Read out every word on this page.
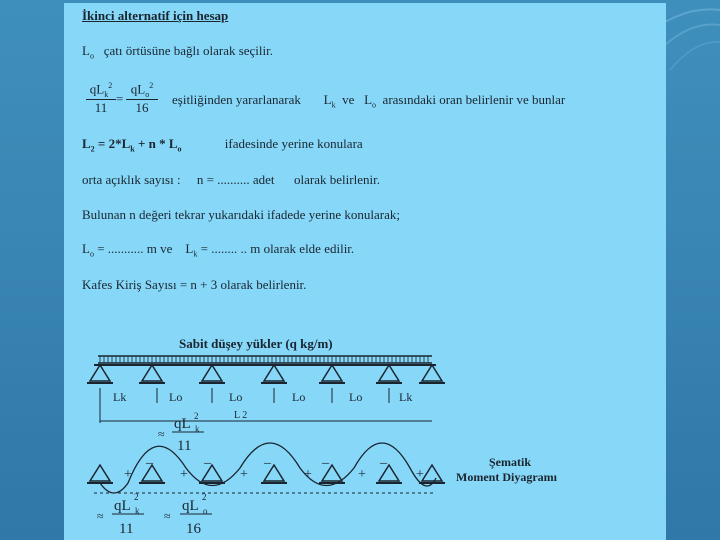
İkinci alternatif için hesap
$L_o$ çatı örtüsüne bağlı olarak seçilir.
$qL_k^2$
11
=
$qL_o^2$
16
eşitliğinden yararlanarak $L_k$ ve $L_o$ arasındaki oran belirlenir ve bunlar
$L_2 = 2*L_k + n * L_o$	ifadesinde yerine konulara
orta açıklık sayısı : n = .......... adet olarak belirlenir.
Bulunan n değeri tekrar yukarıdaki ifadede yerine konularak;
$L_o$ = ........... m ve $L_k$ = ........ .. m olarak elde edilir.
Kafes Kiriş Sayısı = n + 3 olarak belirlenir.
Sabit düşey yükler (q kg/m)
Lk	Lo	Lo	Lo	Lo	Lk
L 2
qL k
2
11
≈
_	_	_	_	_
+	+	+	+	+	+
qL k
2
11
≈
qL o
2
16
≈
Şematik
Moment Diyagramı
